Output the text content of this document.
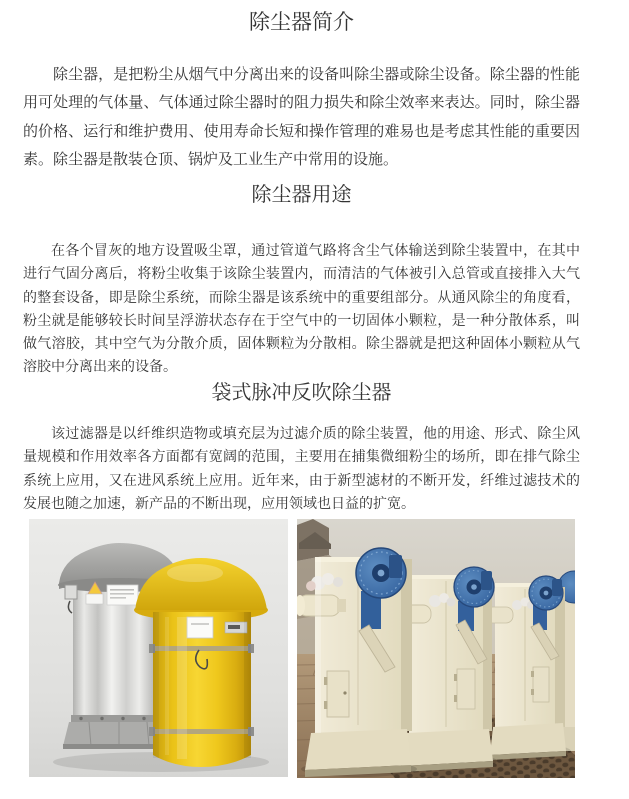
除尘器简介

除尘器，是把粉尘从烟气中分离出来的设备叫除尘器或除尘设备。除尘器的性能用可处理的气体量、气体通过除尘器时的阻力损失和除尘效率来表达。同时，除尘器的价格、运行和维护费用、使用寿命长短和操作管理的难易也是考虑其性能的重要因素。除尘器是散装仓顶、锅炉及工业生产中常用的设施。

除尘器用途

在各个冒灰的地方设置吸尘罩，通过管道气路将含尘气体输送到除尘装置中，在其中进行气固分离后，将粉尘收集于该除尘装置内，而清洁的气体被引入总管或直接排入大气的整套设备，即是除尘系统，而除尘器是该系统中的重要组部分。从通风除尘的角度看，粉尘就是能够较长时间呈浮游状态存在于空气中的一切固体小颗粒，是一种分散体系，叫做气溶胶，其中空气为分散介质，固体颗粒为分散相。除尘器就是把这种固体小颗粒从气溶胶中分离出来的设备。

袋式脉冲反吹除尘器

该过滤器是以纤维织造物或填充层为过滤介质的除尘装置，他的用途、形式、除尘风量规模和作用效率各方面都有宽阔的范围，主要用在捕集微细粉尘的场所，即在排气除尘系统上应用，又在进风系统上应用。近年来，由于新型滤材的不断开发，纤维过滤技术的发展也随之加速，新产品的不断出现，应用领域也日益的扩宽。
